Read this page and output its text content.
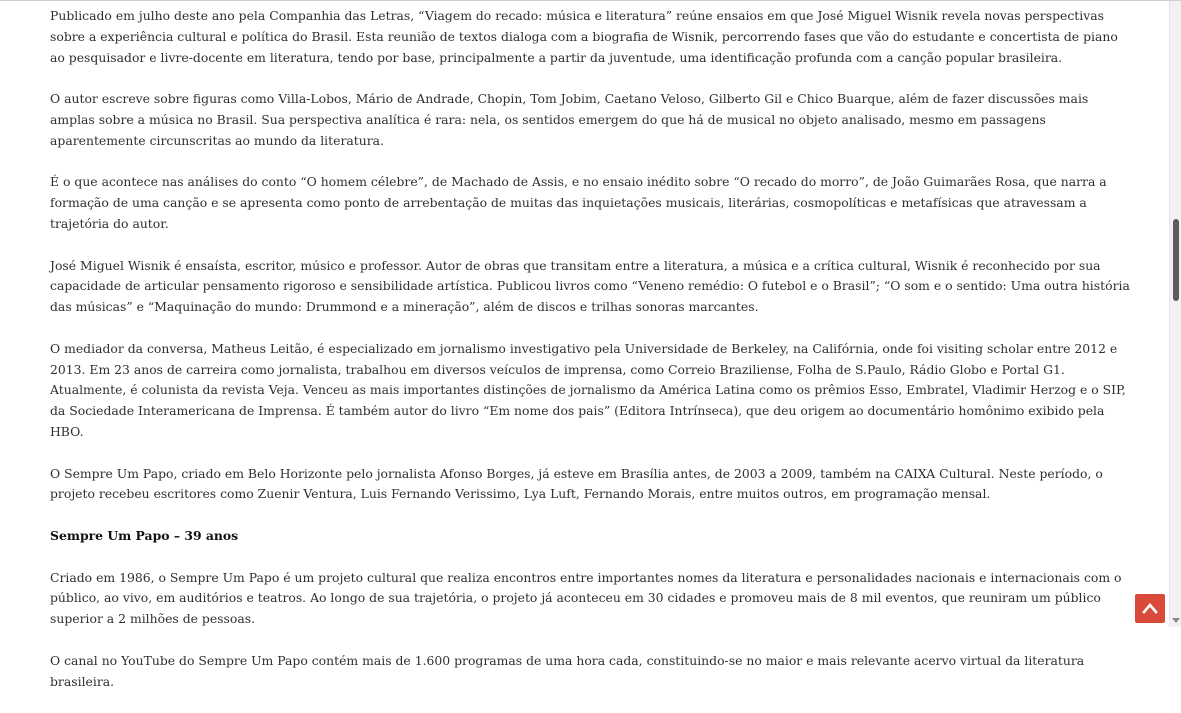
Publicado em julho deste ano pela Companhia das Letras, “Viagem do recado: música e literatura” reúne ensaios em que José Miguel Wisnik revela novas perspectivas sobre a experiência cultural e política do Brasil. Esta reunião de textos dialoga com a biografia de Wisnik, percorrendo fases que vão do estudante e concertista de piano ao pesquisador e livre-docente em literatura, tendo por base, principalmente a partir da juventude, uma identificação profunda com a canção popular brasileira.

O autor escreve sobre figuras como Villa-Lobos, Mário de Andrade, Chopin, Tom Jobim, Caetano Veloso, Gilberto Gil e Chico Buarque, além de fazer discussões mais amplas sobre a música no Brasil. Sua perspectiva analítica é rara: nela, os sentidos emergem do que há de musical no objeto analisado, mesmo em passagens aparentemente circunscritas ao mundo da literatura.

É o que acontece nas análises do conto “O homem célebre”, de Machado de Assis, e no ensaio inédito sobre “O recado do morro”, de João Guimarães Rosa, que narra a formação de uma canção e se apresenta como ponto de arrebentação de muitas das inquietações musicais, literárias, cosmopolíticas e metafísicas que atravessam a trajetória do autor.

José Miguel Wisnik é ensaísta, escritor, músico e professor. Autor de obras que transitam entre a literatura, a música e a crítica cultural, Wisnik é reconhecido por sua capacidade de articular pensamento rigoroso e sensibilidade artística. Publicou livros como “Veneno remédio: O futebol e o Brasil”; “O som e o sentido: Uma outra história das músicas” e “Maquinação do mundo: Drummond e a mineração”, além de discos e trilhas sonoras marcantes.

O mediador da conversa, Matheus Leitão, é especializado em jornalismo investigativo pela Universidade de Berkeley, na Califórnia, onde foi visiting scholar entre 2012 e 2013. Em 23 anos de carreira como jornalista, trabalhou em diversos veículos de imprensa, como Correio Braziliense, Folha de S.Paulo, Rádio Globo e Portal G1. Atualmente, é colunista da revista Veja. Venceu as mais importantes distinções de jornalismo da América Latina como os prêmios Esso, Embratel, Vladimir Herzog e o SIP, da Sociedade Interamericana de Imprensa. É também autor do livro “Em nome dos pais” (Editora Intrínseca), que deu origem ao documentário homônimo exibido pela HBO.

O Sempre Um Papo, criado em Belo Horizonte pelo jornalista Afonso Borges, já esteve em Brasília antes, de 2003 a 2009, também na CAIXA Cultural. Neste período, o projeto recebeu escritores como Zuenir Ventura, Luis Fernando Verissimo, Lya Luft, Fernando Morais, entre muitos outros, em programação mensal.

Sempre Um Papo – 39 anos

Criado em 1986, o Sempre Um Papo é um projeto cultural que realiza encontros entre importantes nomes da literatura e personalidades nacionais e internacionais com o público, ao vivo, em auditórios e teatros. Ao longo de sua trajetória, o projeto já aconteceu em 30 cidades e promoveu mais de 8 mil eventos, que reuniram um público superior a 2 milhões de pessoas.

O canal no YouTube do Sempre Um Papo contém mais de 1.600 programas de uma hora cada, constituindo-se no maior e mais relevante acervo virtual da literatura brasileira.
